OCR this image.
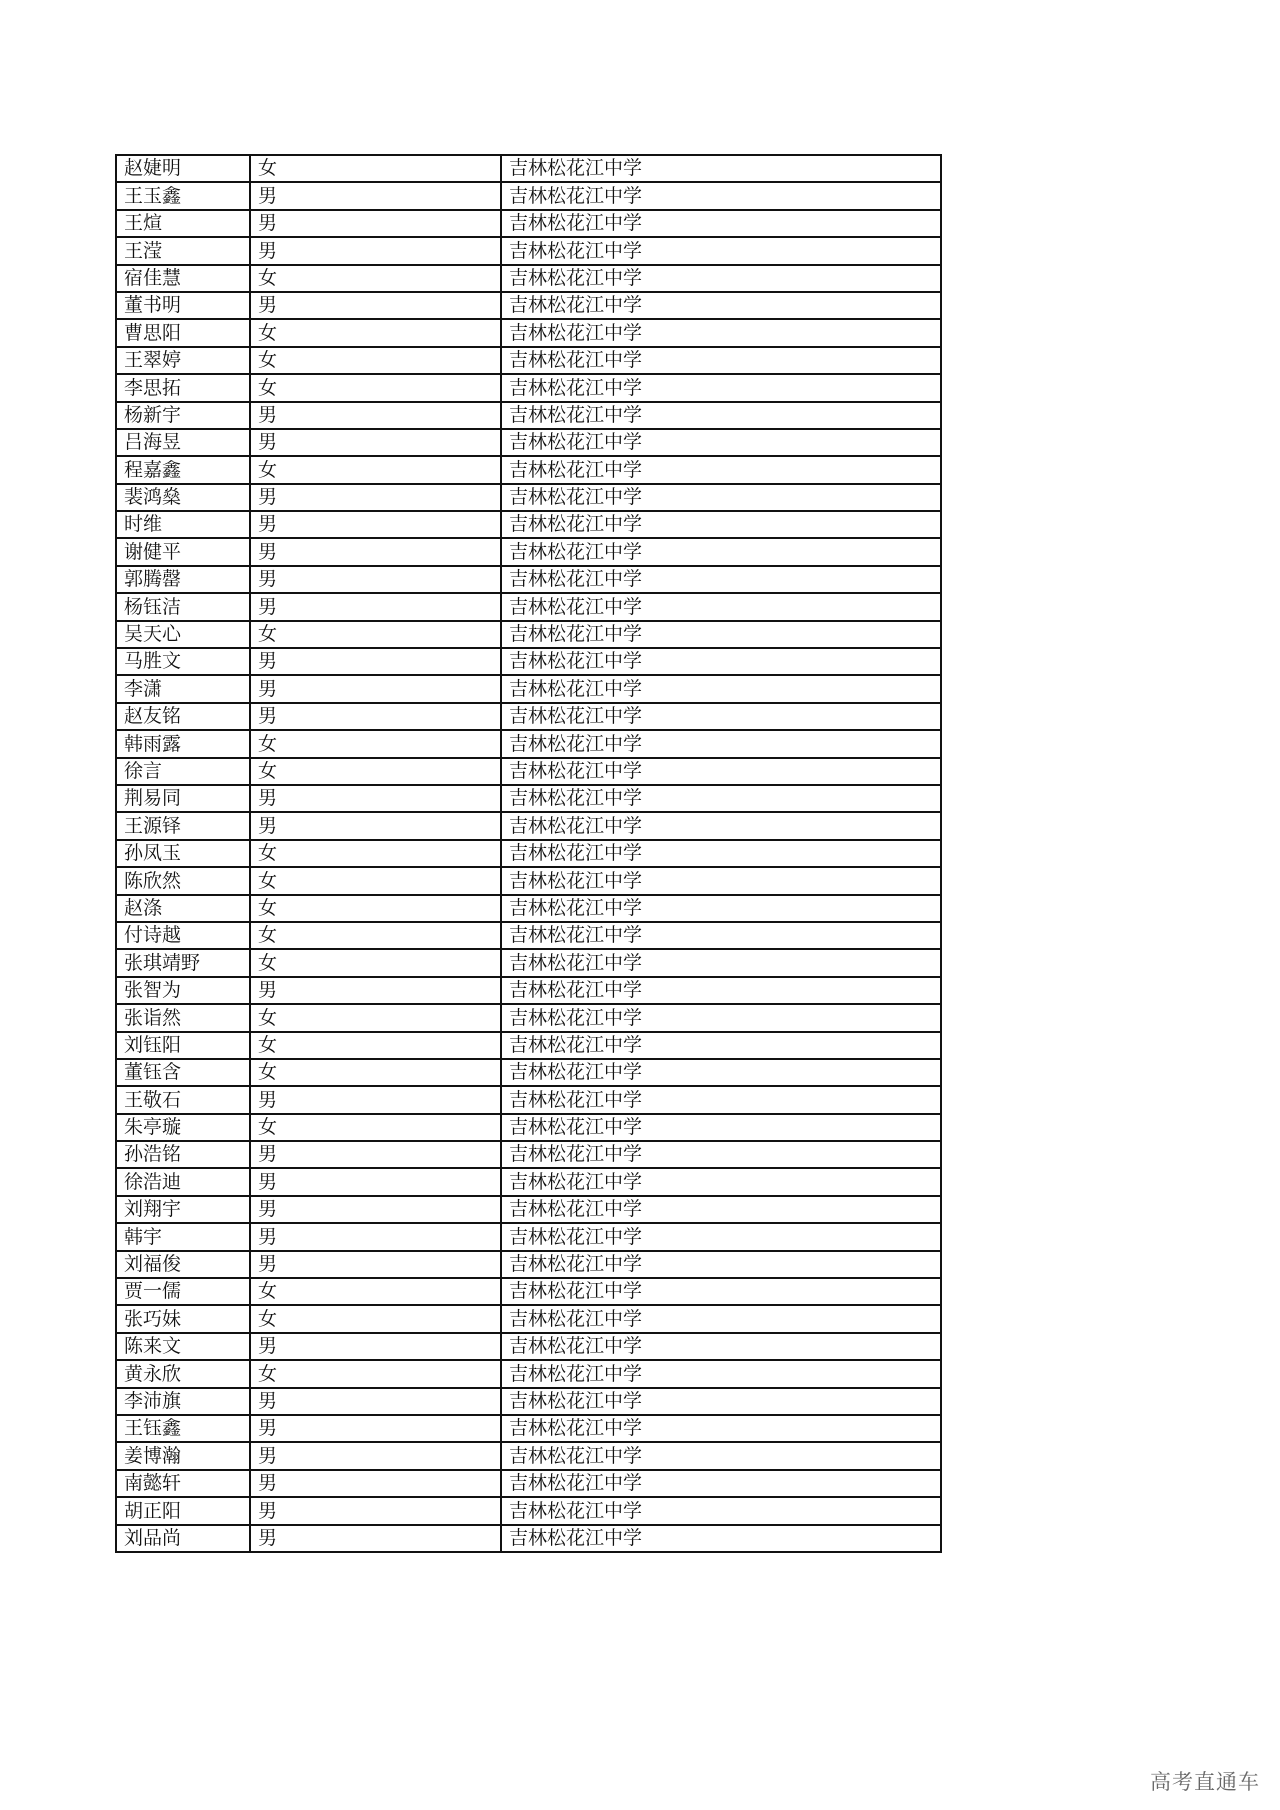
赵婕明	女	吉林松花江中学
王玉鑫	男	吉林松花江中学
王煊	男	吉林松花江中学
王滢	男	吉林松花江中学
宿佳慧	女	吉林松花江中学
董书明	男	吉林松花江中学
曹思阳	女	吉林松花江中学
王翠婷	女	吉林松花江中学
李思拓	女	吉林松花江中学
杨新宇	男	吉林松花江中学
吕海昱	男	吉林松花江中学
程嘉鑫	女	吉林松花江中学
裴鸿燊	男	吉林松花江中学
时维	男	吉林松花江中学
谢健平	男	吉林松花江中学
郭腾罄	男	吉林松花江中学
杨钰洁	男	吉林松花江中学
吴天心	女	吉林松花江中学
马胜文	男	吉林松花江中学
李潇	男	吉林松花江中学
赵友铭	男	吉林松花江中学
韩雨露	女	吉林松花江中学
徐言	女	吉林松花江中学
荆易同	男	吉林松花江中学
王源铎	男	吉林松花江中学
孙凤玉	女	吉林松花江中学
陈欣然	女	吉林松花江中学
赵涤	女	吉林松花江中学
付诗越	女	吉林松花江中学
张琪靖野	女	吉林松花江中学
张智为	男	吉林松花江中学
张诣然	女	吉林松花江中学
刘钰阳	女	吉林松花江中学
董钰含	女	吉林松花江中学
王敬石	男	吉林松花江中学
朱亭璇	女	吉林松花江中学
孙浩铭	男	吉林松花江中学
徐浩迪	男	吉林松花江中学
刘翔宇	男	吉林松花江中学
韩宇	男	吉林松花江中学
刘福俊	男	吉林松花江中学
贾一儒	女	吉林松花江中学
张巧妹	女	吉林松花江中学
陈来文	男	吉林松花江中学
黄永欣	女	吉林松花江中学
李沛旗	男	吉林松花江中学
王钰鑫	男	吉林松花江中学
姜博瀚	男	吉林松花江中学
南懿轩	男	吉林松花江中学
胡正阳	男	吉林松花江中学
刘品尚	男	吉林松花江中学
高考直通车
